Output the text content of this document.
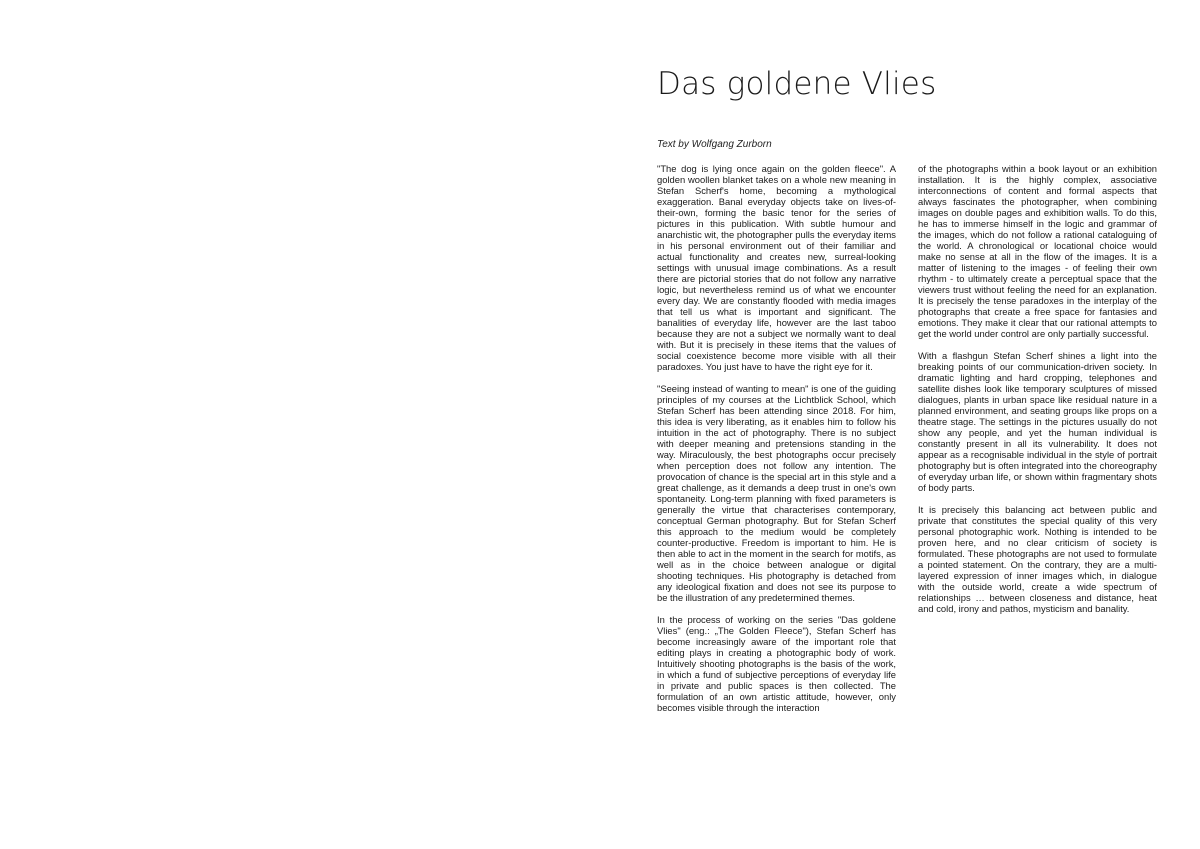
Das goldene Vlies

Text by Wolfgang Zurborn

"The dog is lying once again on the golden fleece". A golden woollen blanket takes on a whole new meaning in Stefan Scherf's home, becoming a mythological exaggeration. Banal everyday objects take on lives-of-their-own, forming the basic tenor for the series of pictures in this publication. With subtle humour and anarchistic wit, the photographer pulls the everyday items in his personal environment out of their familiar and actual functionality and creates new, surreal-looking settings with unusual image combinations. As a result there are pictorial stories that do not follow any narrative logic, but nevertheless remind us of what we encounter every day. We are constantly flooded with media images that tell us what is important and significant. The banalities of everyday life, however are the last taboo because they are not a subject we normally want to deal with. But it is precisely in these items that the values of social coexistence become more visible with all their paradoxes. You just have to have the right eye for it.

"Seeing instead of wanting to mean" is one of the guiding principles of my courses at the Lichtblick School, which Stefan Scherf has been attending since 2018. For him, this idea is very liberating, as it enables him to follow his intuition in the act of photography. There is no subject with deeper meaning and pretensions standing in the way. Miraculously, the best photographs occur precisely when perception does not follow any intention. The provocation of chance is the special art in this style and a great challenge, as it demands a deep trust in one's own spontaneity. Long-term planning with fixed parameters is generally the virtue that characterises contemporary, conceptual German photography. But for Stefan Scherf this approach to the medium would be completely counter-productive. Freedom is important to him. He is then able to act in the moment in the search for motifs, as well as in the choice between analogue or digital shooting techniques. His photography is detached from any ideological fixation and does not see its purpose to be the illustration of any predetermined themes.

In the process of working on the series "Das goldene Vlies" (eng.: „The Golden Fleece"), Stefan Scherf has become increasingly aware of the important role that editing plays in creating a photographic body of work. Intuitively shooting photographs is the basis of the work, in which a fund of subjective perceptions of everyday life in private and public spaces is then collected. The formulation of an own artistic attitude, however, only becomes visible through the interaction

of the photographs within a book layout or an exhibition installation. It is the highly complex, associative interconnections of content and formal aspects that always fascinates the photographer, when combining images on double pages and exhibition walls. To do this, he has to immerse himself in the logic and grammar of the images, which do not follow a rational cataloguing of the world. A chronological or locational choice would make no sense at all in the flow of the images. It is a matter of listening to the images - of feeling their own rhythm - to ultimately create a perceptual space that the viewers trust without feeling the need for an explanation. It is precisely the tense paradoxes in the interplay of the photographs that create a free space for fantasies and emotions. They make it clear that our rational attempts to get the world under control are only partially successful.

With a flashgun Stefan Scherf shines a light into the breaking points of our communication-driven society. In dramatic lighting and hard cropping, telephones and satellite dishes look like temporary sculptures of missed dialogues, plants in urban space like residual nature in a planned environment, and seating groups like props on a theatre stage. The settings in the pictures usually do not show any people, and yet the human individual is constantly present in all its vulnerability. It does not appear as a recognisable individual in the style of portrait photography but is often integrated into the choreography of everyday urban life, or shown within fragmentary shots of body parts.

It is precisely this balancing act between public and private that constitutes the special quality of this very personal photographic work. Nothing is intended to be proven here, and no clear criticism of society is formulated. These photographs are not used to formulate a pointed statement. On the contrary, they are a multi-layered expression of inner images which, in dialogue with the outside world, create a wide spectrum of relationships … between closeness and distance, heat and cold, irony and pathos, mysticism and banality.
